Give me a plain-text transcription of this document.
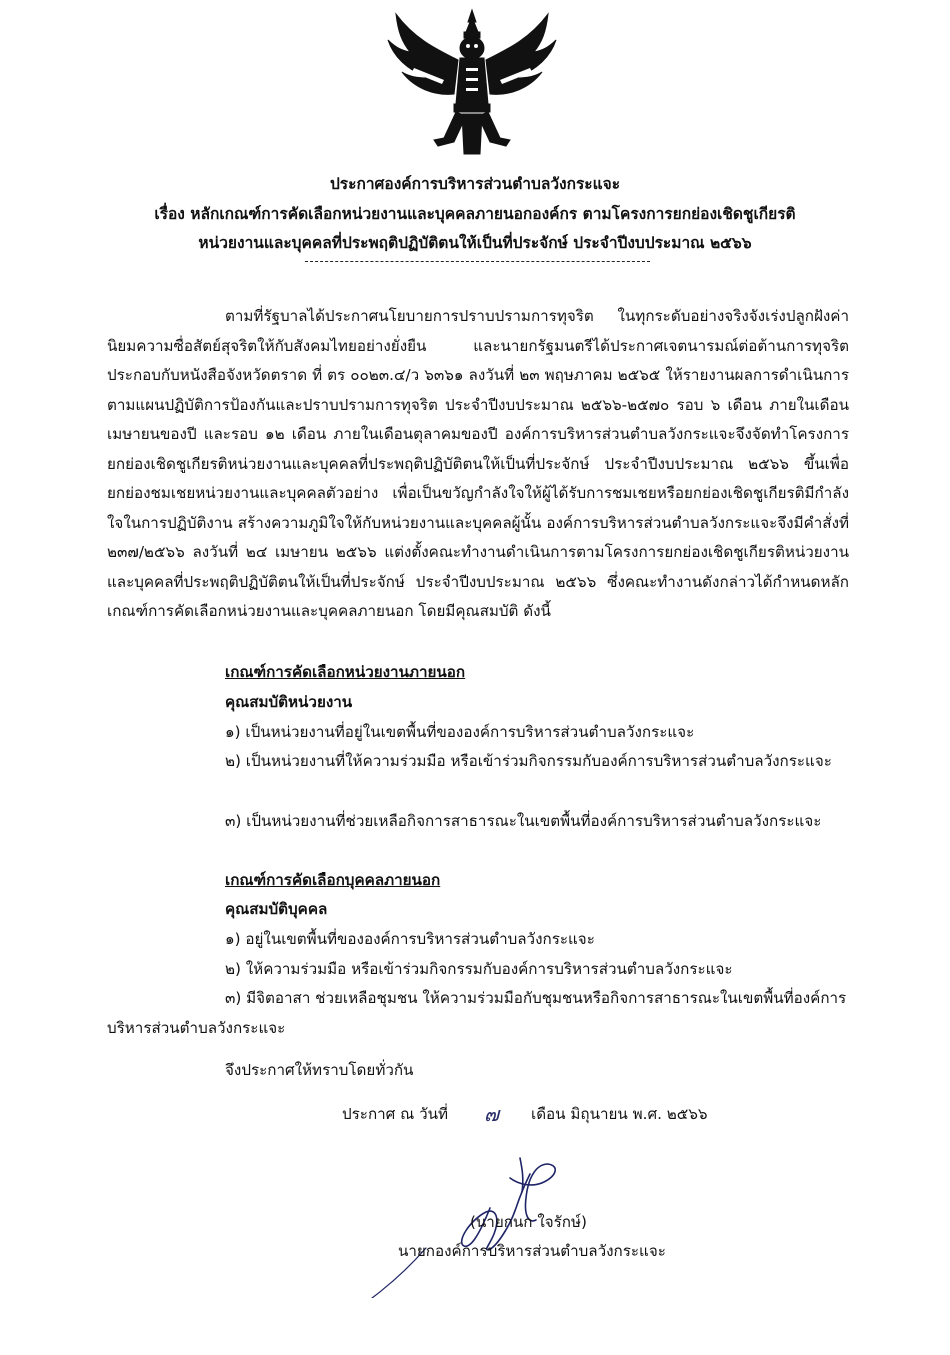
ประกาศองค์การบริหารส่วนตำบลวังกระแจะ
เรื่อง หลักเกณฑ์การคัดเลือกหน่วยงานและบุคคลภายนอกองค์กร ตามโครงการยกย่องเชิดชูเกียรติ
หน่วยงานและบุคคลที่ประพฤติปฏิบัติตนให้เป็นที่ประจักษ์ ประจำปีงบประมาณ ๒๕๖๖
ตามที่รัฐบาลได้ประกาศนโยบายการปราบปรามการทุจริต ในทุกระดับอย่างจริงจังเร่งปลูกฝังค่านิยมความซื่อสัตย์สุจริตให้กับสังคมไทยอย่างยั่งยืน และนายกรัฐมนตรีได้ประกาศเจตนารมณ์ต่อต้านการทุจริต ประกอบกับหนังสือจังหวัดตราด ที่ ตร ๐๐๒๓.๔/ว ๖๓๖๑ ลงวันที่ ๒๓ พฤษภาคม ๒๕๖๕ ให้รายงานผลการดำเนินการตามแผนปฏิบัติการป้องกันและปราบปรามการทุจริต ประจำปีงบประมาณ ๒๕๖๖-๒๕๗๐ รอบ ๖ เดือน ภายในเดือนเมษายนของปี และรอบ ๑๒ เดือน ภายในเดือนตุลาคมของปี องค์การบริหารส่วนตำบลวังกระแจะจึงจัดทำโครงการยกย่องเชิดชูเกียรติหน่วยงานและบุคคลที่ประพฤติปฏิบัติตนให้เป็นที่ประจักษ์ ประจำปีงบประมาณ ๒๕๖๖ ขึ้นเพื่อยกย่องชมเชยหน่วยงานและบุคคลตัวอย่าง เพื่อเป็นขวัญกำลังใจให้ผู้ได้รับการชมเชยหรือยกย่องเชิดชูเกียรติมีกำลังใจในการปฏิบัติงาน สร้างความภูมิใจให้กับหน่วยงานและบุคคลผู้นั้น องค์การบริหารส่วนตำบลวังกระแจะจึงมีคำสั่งที่ ๒๓๗/๒๕๖๖ ลงวันที่ ๒๔ เมษายน ๒๕๖๖ แต่งตั้งคณะทำงานดำเนินการตามโครงการยกย่องเชิดชูเกียรติหน่วยงานและบุคคลที่ประพฤติปฏิบัติตนให้เป็นที่ประจักษ์ ประจำปีงบประมาณ ๒๕๖๖ ซึ่งคณะทำงานดังกล่าวได้กำหนดหลักเกณฑ์การคัดเลือกหน่วยงานและบุคคลภายนอก โดยมีคุณสมบัติ ดังนี้
เกณฑ์การคัดเลือกหน่วยงานภายนอก
คุณสมบัติหน่วยงาน
๑) เป็นหน่วยงานที่อยู่ในเขตพื้นที่ขององค์การบริหารส่วนตำบลวังกระแจะ
๒) เป็นหน่วยงานที่ให้ความร่วมมือ หรือเข้าร่วมกิจกรรมกับองค์การบริหารส่วนตำบลวังกระแจะ
๓) เป็นหน่วยงานที่ช่วยเหลือกิจการสาธารณะในเขตพื้นที่องค์การบริหารส่วนตำบลวังกระแจะ
เกณฑ์การคัดเลือกบุคคลภายนอก
คุณสมบัติบุคคล
๑) อยู่ในเขตพื้นที่ขององค์การบริหารส่วนตำบลวังกระแจะ
๒) ให้ความร่วมมือ หรือเข้าร่วมกิจกรรมกับองค์การบริหารส่วนตำบลวังกระแจะ
๓) มีจิตอาสา ช่วยเหลือชุมชน ให้ความร่วมมือกับชุมชนหรือกิจการสาธารณะในเขตพื้นที่องค์การบริหารส่วนตำบลวังกระแจะ
จึงประกาศให้ทราบโดยทั่วกัน
ประกาศ ณ วันที่ ๗ เดือน มิถุนายน พ.ศ. ๒๕๖๖
(นายกนก ใจรักษ์)
นายกองค์การบริหารส่วนตำบลวังกระแจะ
